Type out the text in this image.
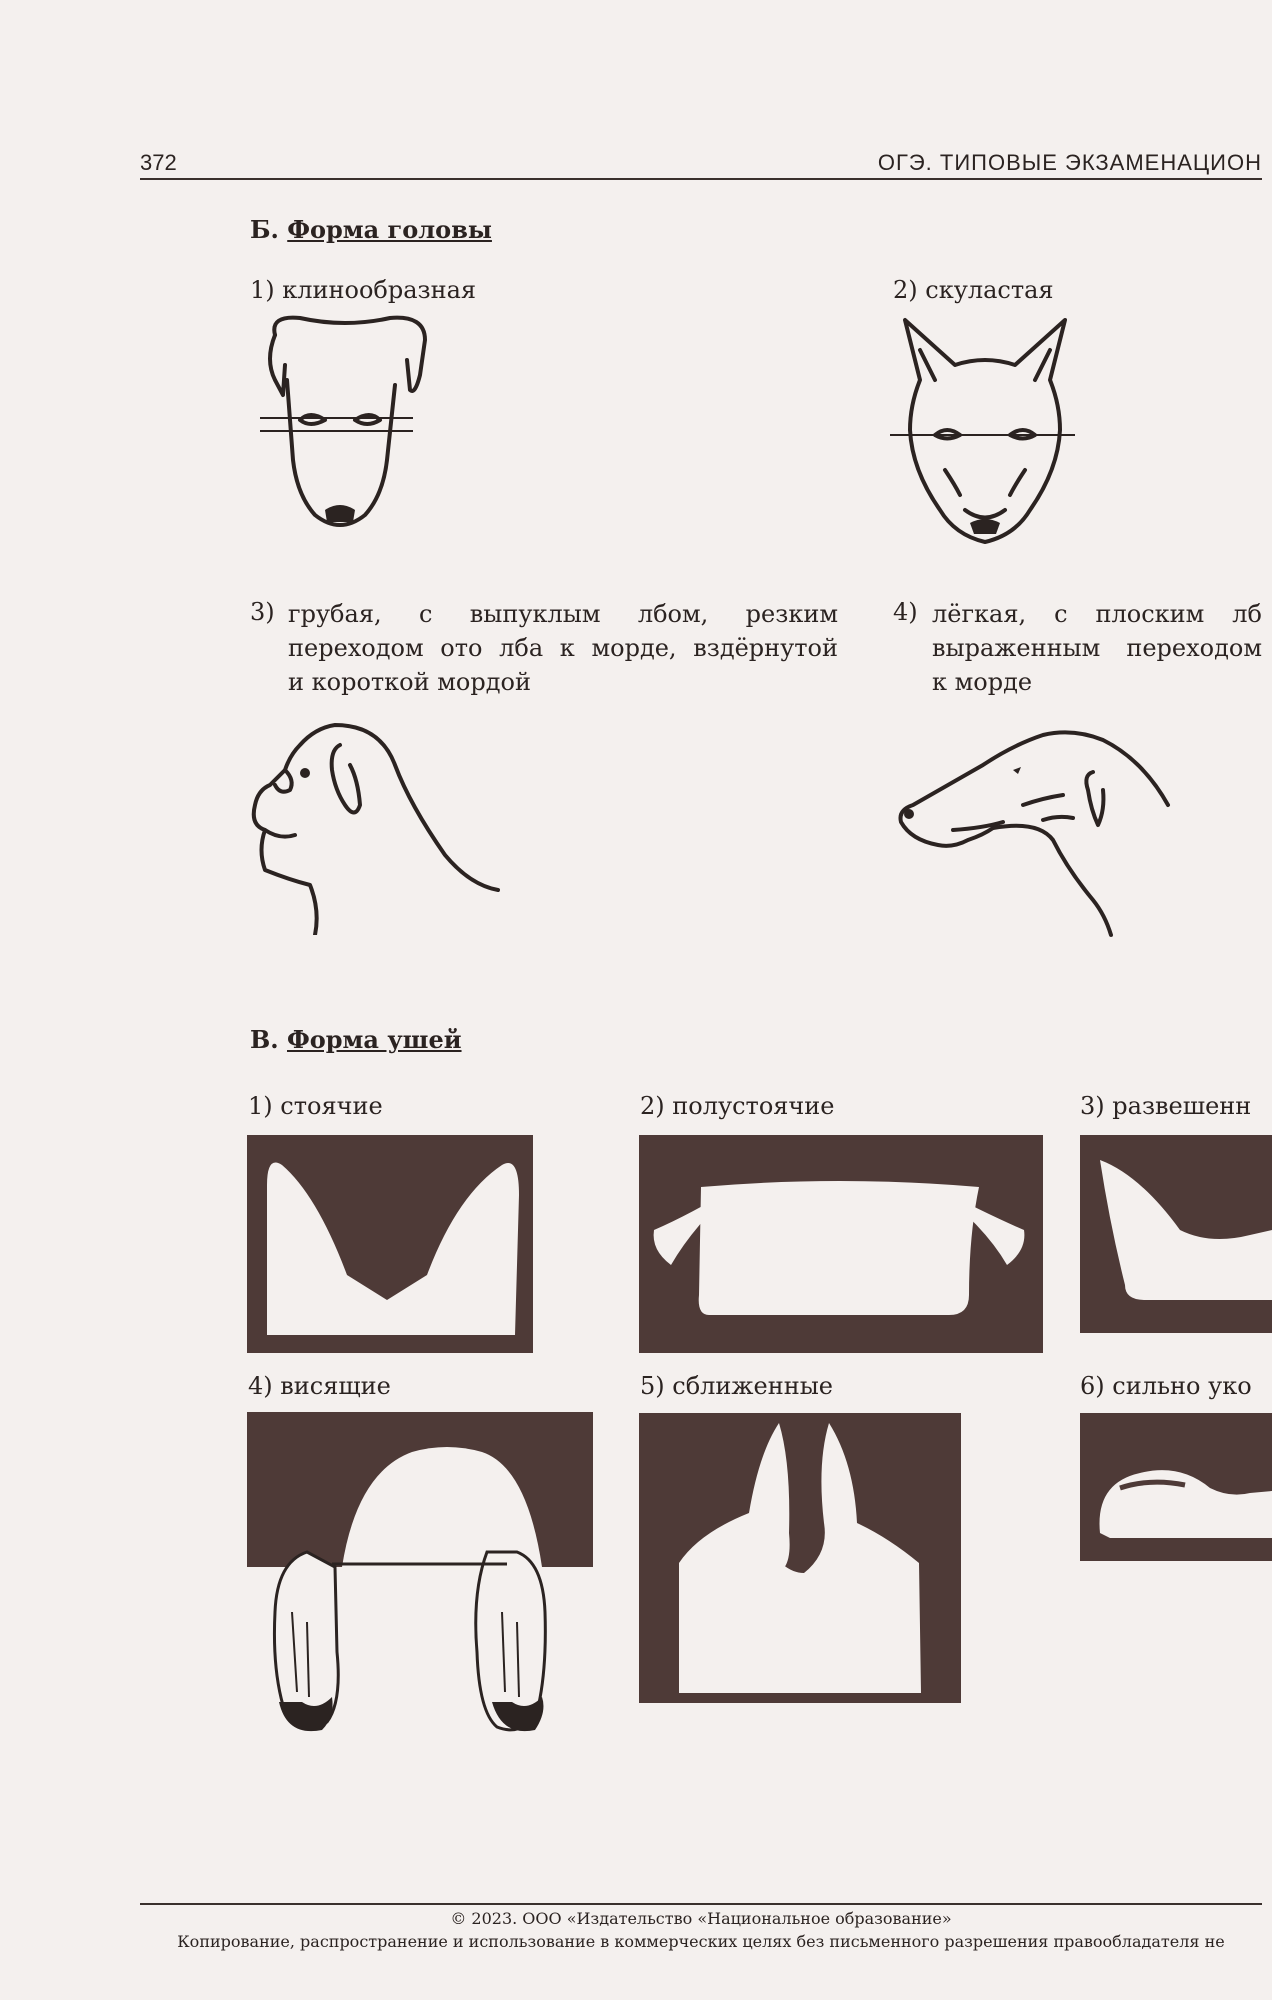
372	ОГЭ. ТИПОВЫЕ ЭКЗАМЕНАЦИОН
Б. Форма головы
1) клинообразная	2) скуластая
3) грубая, с выпуклым лбом, резким
переходом ото лба к морде, вздёрнутой
и короткой мордой
4) лёгкая, с плоским лб
выраженным переходом
к морде
В. Форма ушей
1) стоячие	2) полустоячие	3) развешенн
4) висящие	5) сближенные	6) сильно уко
© 2023. ООО «Издательство «Национальное образование»
Копирование, распространение и использование в коммерческих целях без письменного разрешения правообладателя не
